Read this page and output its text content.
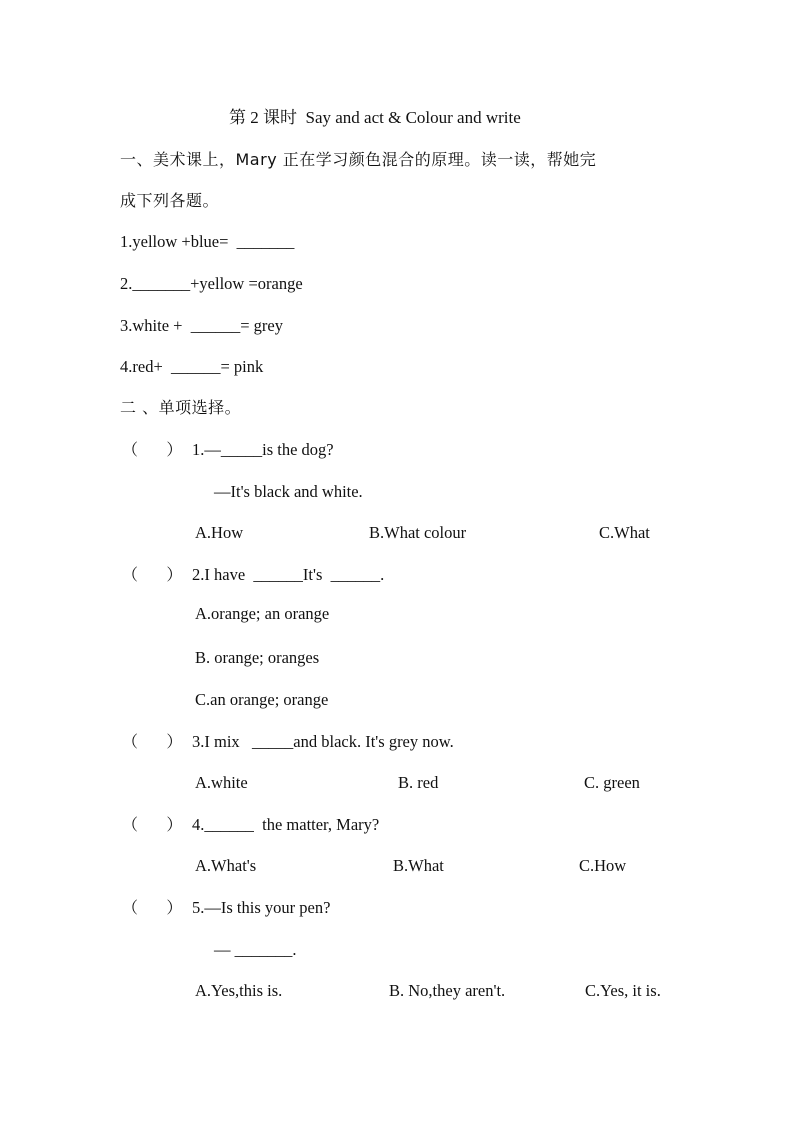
第 2 课时  Say and act & Colour and write
一、美术课上，Mary 正在学习颜色混合的原理。读一读，帮她完
成下列各题。
1.yellow +blue=  _______
2._______+yellow =orange
3.white +  ______= grey
4.red+  ______= pink
二 、单项选择。
（     ） 1.—_____is the dog?
—It's black and white.
A.How	B.What colour	C.What
（     ） 2.I have  ______It's  ______.
A.orange; an orange
B. orange; oranges
C.an orange; orange
（     ） 3.I mix   _____and black. It's grey now.
A.white	B. red	C. green
（     ） 4.______  the matter, Mary?
A.What's	B.What	C.How
（     ） 5.—Is this your pen?
— _______.
A.Yes,this is.	B. No,they aren't.	C.Yes, it is.
